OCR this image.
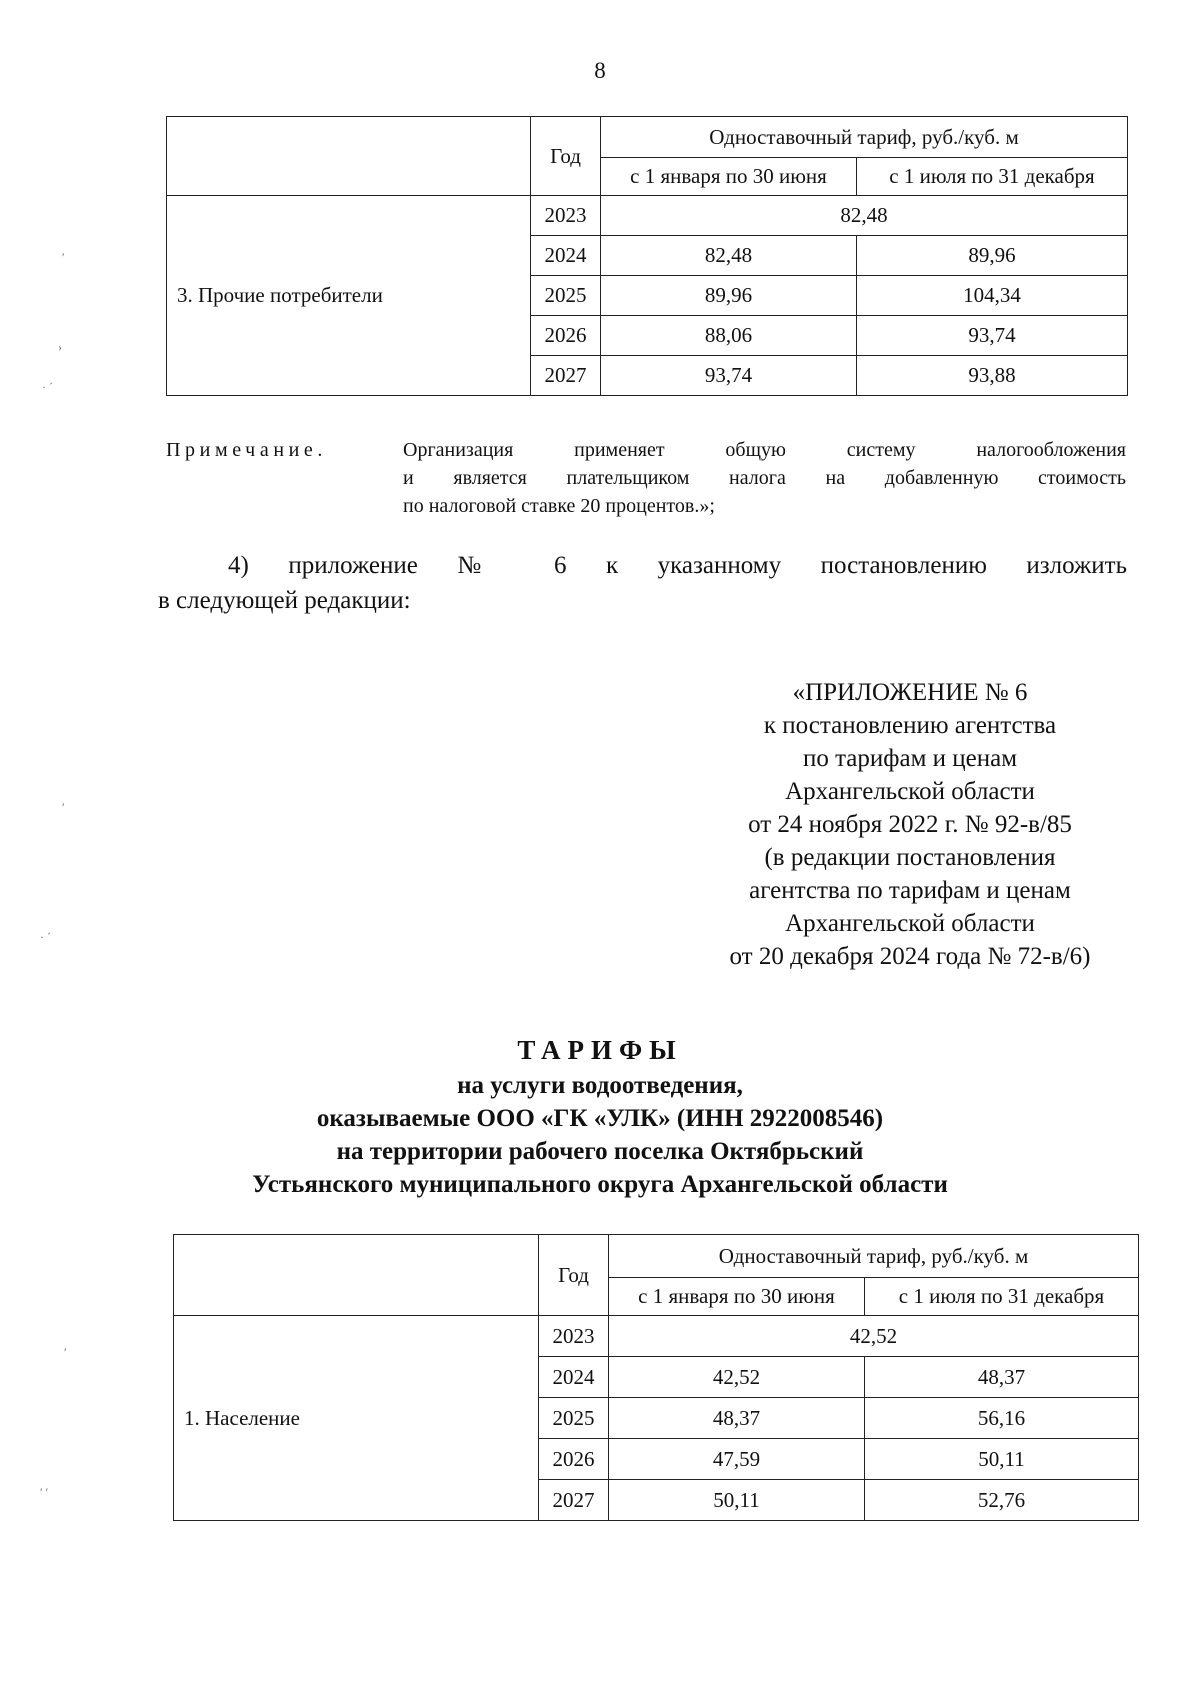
8
	Год	Одноставочный тариф, руб./куб. м	
		с 1 января по 30 июня	с 1 июля по 31 декабря
3. Прочие потребители	2023	82,48	
	2024	82,48	89,96
	2025	89,96	104,34
	2026	88,06	93,74
	2027	93,74	93,88
Примечание.	Организация применяет общую систему налогообложения
и является плательщиком налога на добавленную стоимость
по налоговой ставке 20 процентов.»;
4) приложение № 6 к указанному постановлению изложить
в следующей редакции:
«ПРИЛОЖЕНИЕ № 6
к постановлению агентства
по тарифам и ценам
Архангельской области
от 24 ноября 2022 г. № 92-в/85
(в редакции постановления
агентства по тарифам и ценам
Архангельской области
от 20 декабря 2024 года № 72-в/6)
ТАРИФЫ
на услуги водоотведения,
оказываемые ООО «ГК «УЛК» (ИНН 2922008546)
на территории рабочего поселка Октябрьский
Устьянского муниципального округа Архангельской области
	Год	Одноставочный тариф, руб./куб. м	
		с 1 января по 30 июня	с 1 июля по 31 декабря
1. Население	2023	42,52	
	2024	42,52	48,37
	2025	48,37	56,16
	2026	47,59	50,11
	2027	50,11	52,76
′
›
· ´
′
· ´
′
′ ′
